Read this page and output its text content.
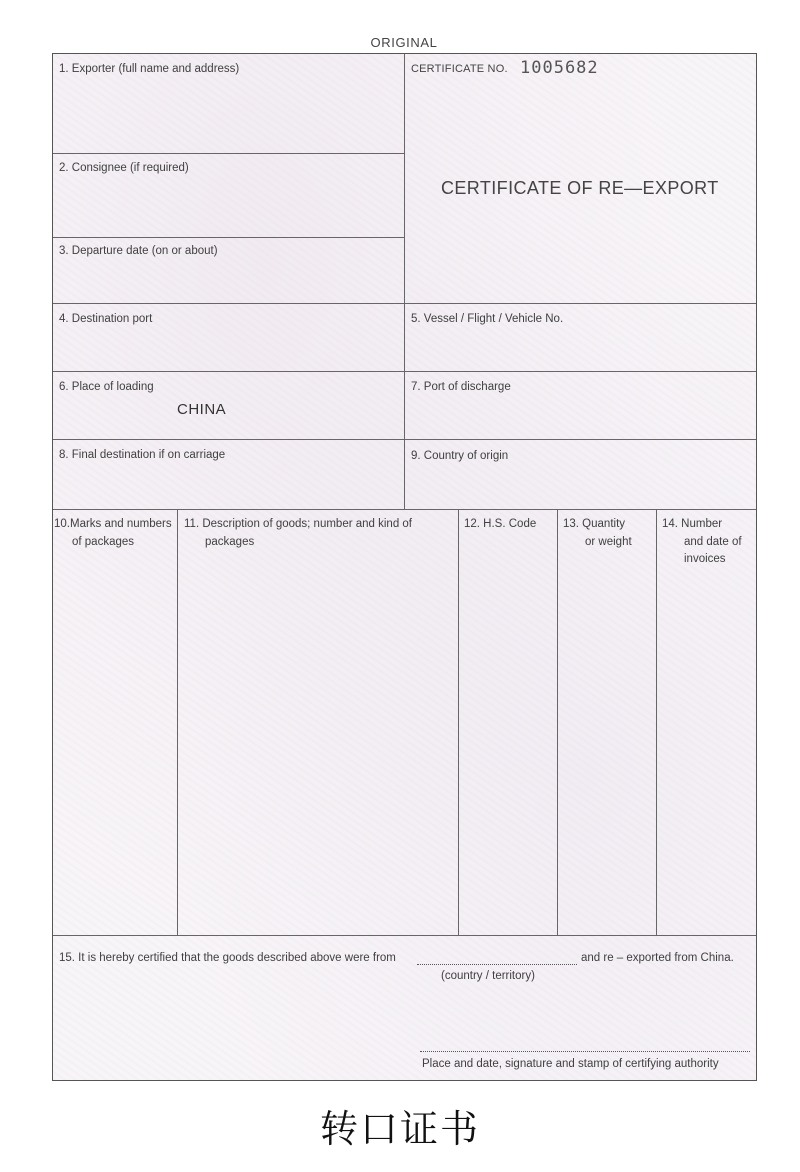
ORIGINAL
1. Exporter (full name and address)
2. Consignee (if required)
3. Departure date (on or about)
CERTIFICATE NO. 1005682
CERTIFICATE OF RE—EXPORT
4. Destination port	5. Vessel / Flight / Vehicle No.
6. Place of loading
CHINA
7. Port of discharge
8. Final destination if on carriage	9. Country of origin
10.Marks and numbers
of packages
11. Description of goods; number and kind of
packages
12. H.S. Code 13. Quantity
or weight
14. Number
and date of
invoices
15. It is hereby certified that the goods described above were from	and re – exported from China.
(country / territory)
Place and date, signature and stamp of certifying authority
转口证书
